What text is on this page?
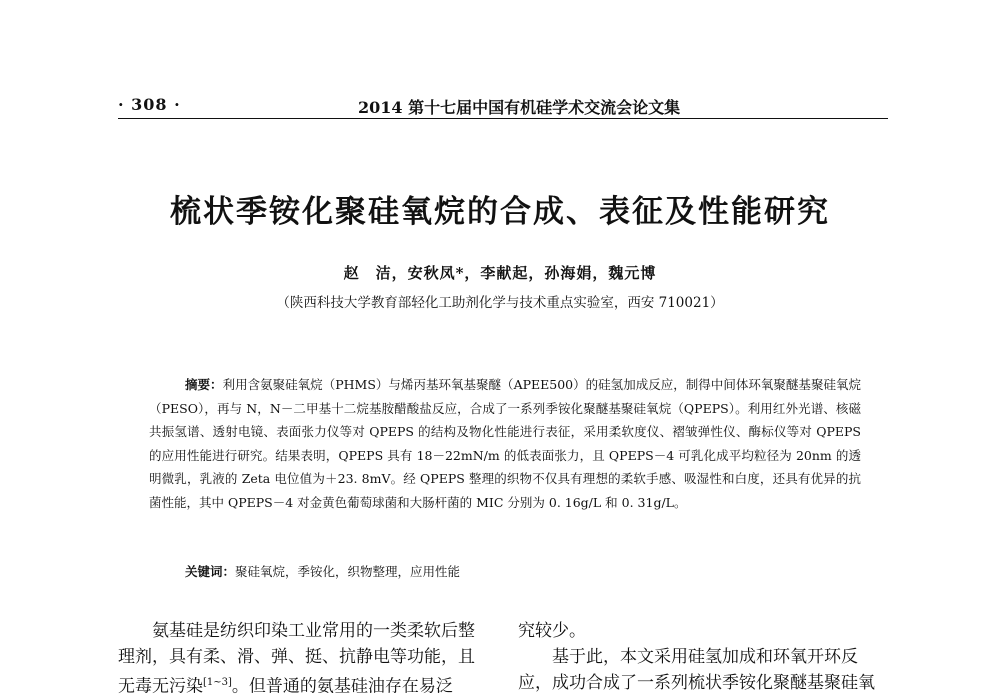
· 308 ·	2014 第十七届中国有机硅学术交流会论文集
梳状季铵化聚硅氧烷的合成、表征及性能研究
赵　洁，安秋凤*，李献起，孙海娟，魏元博
（陕西科技大学教育部轻化工助剂化学与技术重点实验室，西安 710021）
摘要：利用含氨聚硅氧烷（PHMS）与烯丙基环氧基聚醚（APEE500）的硅氢加成反应，制得中间体环氧聚醚基聚硅氧烷（PESO），再与 N，N－二甲基十二烷基胺醋酸盐反应，合成了一系列季铵化聚醚基聚硅氧烷（QPEPS）。利用红外光谱、核磁共振氢谱、透射电镜、表面张力仪等对 QPEPS 的结构及物化性能进行表征，采用柔软度仪、褶皱弹性仪、酶标仪等对 QPEPS 的应用性能进行研究。结果表明，QPEPS 具有 18－22mN/m 的低表面张力，且 QPEPS－4 可乳化成平均粒径为 20nm 的透明微乳，乳液的 Zeta 电位值为＋23. 8mV。经 QPEPS 整理的织物不仅具有理想的柔软手感、吸湿性和白度，还具有优异的抗菌性能，其中 QPEPS－4 对金黄色葡萄球菌和大肠杆菌的 MIC 分别为 0. 16g/L 和 0. 31g/L。
关键词：聚硅氧烷，季铵化，织物整理，应用性能

氨基硅是纺织印染工业常用的一类柔软后整

理剂，具有柔、滑、弹、挺、抗静电等功能，且

无毒无污染[1~3]。但普通的氨基硅油存在易泛

究较少。

基于此，本文采用硅氢加成和环氧开环反

应，成功合成了一系列梳状季铵化聚醚基聚硅氧
